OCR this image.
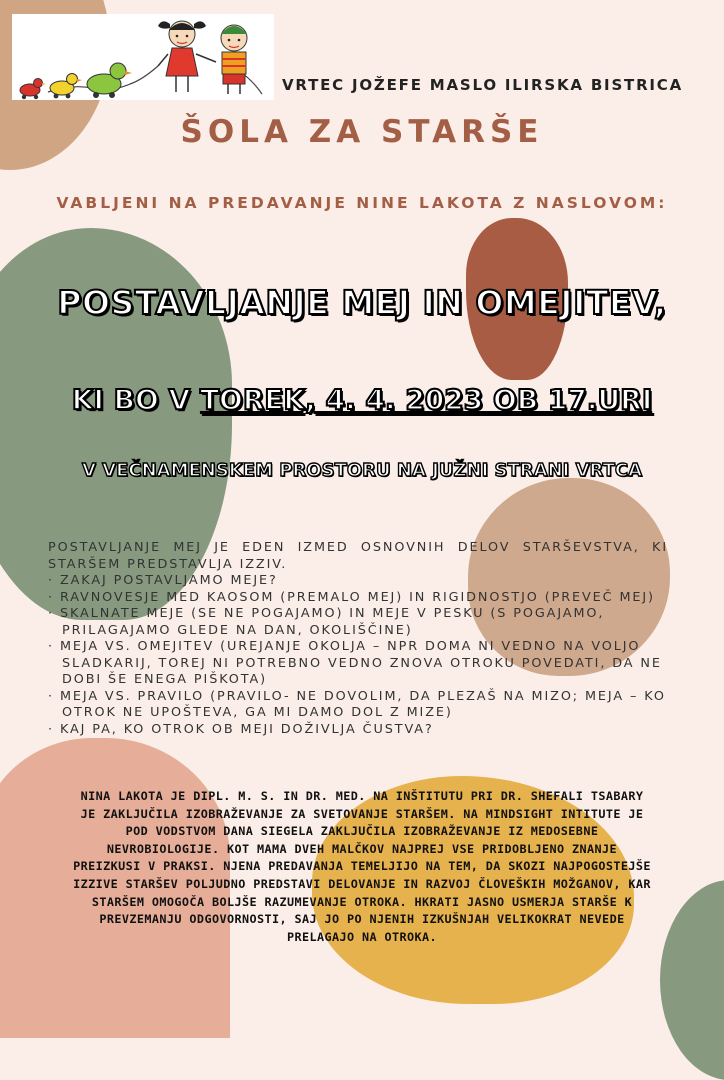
VRTEC JOŽEFE MASLO ILIRSKA BISTRICA
ŠOLA ZA STARŠE
VABLJENI NA PREDAVANJE NINE LAKOTA Z NASLOVOM:
POSTAVLJANJE MEJ IN OMEJITEV,
KI BO V TOREK, 4. 4. 2023 OB 17.URI
V VEČNAMENSKEM PROSTORU NA JUŽNI STRANI VRTCA

POSTAVLJANJE MEJ JE EDEN IZMED OSNOVNIH DELOV STARŠEVSTVA, KI STARŠEM PREDSTAVLJA IZZIV.

· ZAKAJ POSTAVLJAMO MEJE?
· RAVNOVESJE MED KAOSOM (PREMALO MEJ) IN RIGIDNOSTJO (PREVEČ MEJ)
· SKALNATE MEJE (SE NE POGAJAMO) IN MEJE V PESKU (S POGAJAMO, PRILAGAJAMO GLEDE NA DAN, OKOLIŠČINE)
· MEJA VS. OMEJITEV (UREJANJE OKOLJA – NPR DOMA NI VEDNO NA VOLJO SLADKARIJ, TOREJ NI POTREBNO VEDNO ZNOVA OTROKU POVEDATI, DA NE DOBI ŠE ENEGA PIŠKOTA)
· MEJA VS. PRAVILO (PRAVILO- NE DOVOLIM, DA PLEZAŠ NA MIZO; MEJA – KO OTROK NE UPOŠTEVA, GA MI DAMO DOL Z MIZE)
· KAJ PA, KO OTROK OB MEJI DOŽIVLJA ČUSTVA?
NINA LAKOTA JE DIPL. M. S. IN DR. MED. NA INŠTITUTU PRI DR. SHEFALI TSABARY JE ZAKLJUČILA IZOBRAŽEVANJE ZA SVETOVANJE STARŠEM. NA MINDSIGHT INTITUTE JE POD VODSTVOM DANA SIEGELA ZAKLJUČILA IZOBRAŽEVANJE IZ MEDOSEBNE NEVROBIOLOGIJE. KOT MAMA DVEH MALČKOV NAJPREJ VSE PRIDOBLJENO ZNANJE PREIZKUSI V PRAKSI. NJENA PREDAVANJA TEMELJIJO NA TEM, DA SKOZI NAJPOGOSTEJŠE IZZIVE STARŠEV POLJUDNO PREDSTAVI DELOVANJE IN RAZVOJ ČLOVEŠKIH MOŽGANOV, KAR STARŠEM OMOGOČA BOLJŠE RAZUMEVANJE OTROKA. HKRATI JASNO USMERJA STARŠE K PREVZEMANJU ODGOVORNOSTI, SAJ JO PO NJENIH IZKUŠNJAH VELIKOKRAT NEVEDE PRELAGAJO NA OTROKA.
